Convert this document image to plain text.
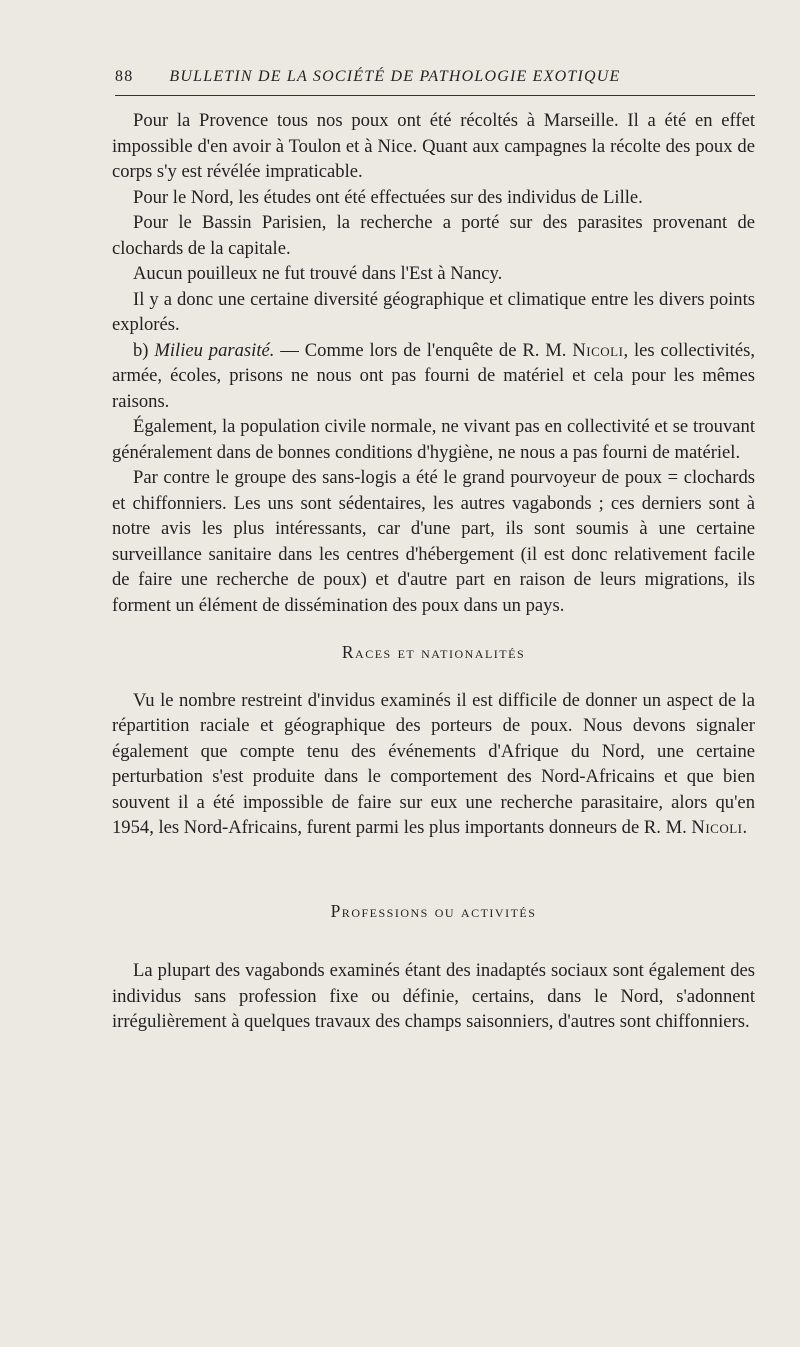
88 BULLETIN DE LA SOCIÉTÉ DE PATHOLOGIE EXOTIQUE

Pour la Provence tous nos poux ont été récoltés à Marseille. Il a été en effet impossible d'en avoir à Toulon et à Nice. Quant aux campagnes la récolte des poux de corps s'y est révélée impraticable.

Pour le Nord, les études ont été effectuées sur des individus de Lille.

Pour le Bassin Parisien, la recherche a porté sur des parasites provenant de clochards de la capitale.

Aucun pouilleux ne fut trouvé dans l'Est à Nancy.

Il y a donc une certaine diversité géographique et climatique entre les divers points explorés.

b) Milieu parasité. — Comme lors de l'enquête de R. M. Nicoli, les collectivités, armée, écoles, prisons ne nous ont pas fourni de matériel et cela pour les mêmes raisons.

Également, la population civile normale, ne vivant pas en collectivité et se trouvant généralement dans de bonnes conditions d'hygiène, ne nous a pas fourni de matériel.

Par contre le groupe des sans-logis a été le grand pourvoyeur de poux = clochards et chiffonniers. Les uns sont sédentaires, les autres vagabonds ; ces derniers sont à notre avis les plus intéressants, car d'une part, ils sont soumis à une certaine surveillance sanitaire dans les centres d'hébergement (il est donc relativement facile de faire une recherche de poux) et d'autre part en raison de leurs migrations, ils forment un élément de dissémination des poux dans un pays.

Races et nationalités

Vu le nombre restreint d'invidus examinés il est difficile de donner un aspect de la répartition raciale et géographique des porteurs de poux. Nous devons signaler également que compte tenu des événements d'Afrique du Nord, une certaine perturbation s'est produite dans le comportement des Nord-Africains et que bien souvent il a été impossible de faire sur eux une recherche parasitaire, alors qu'en 1954, les Nord-Africains, furent parmi les plus importants donneurs de R. M. Nicoli.

Professions ou activités

La plupart des vagabonds examinés étant des inadaptés sociaux sont également des individus sans profession fixe ou définie, certains, dans le Nord, s'adonnent irrégulièrement à quelques travaux des champs saisonniers, d'autres sont chiffonniers.
